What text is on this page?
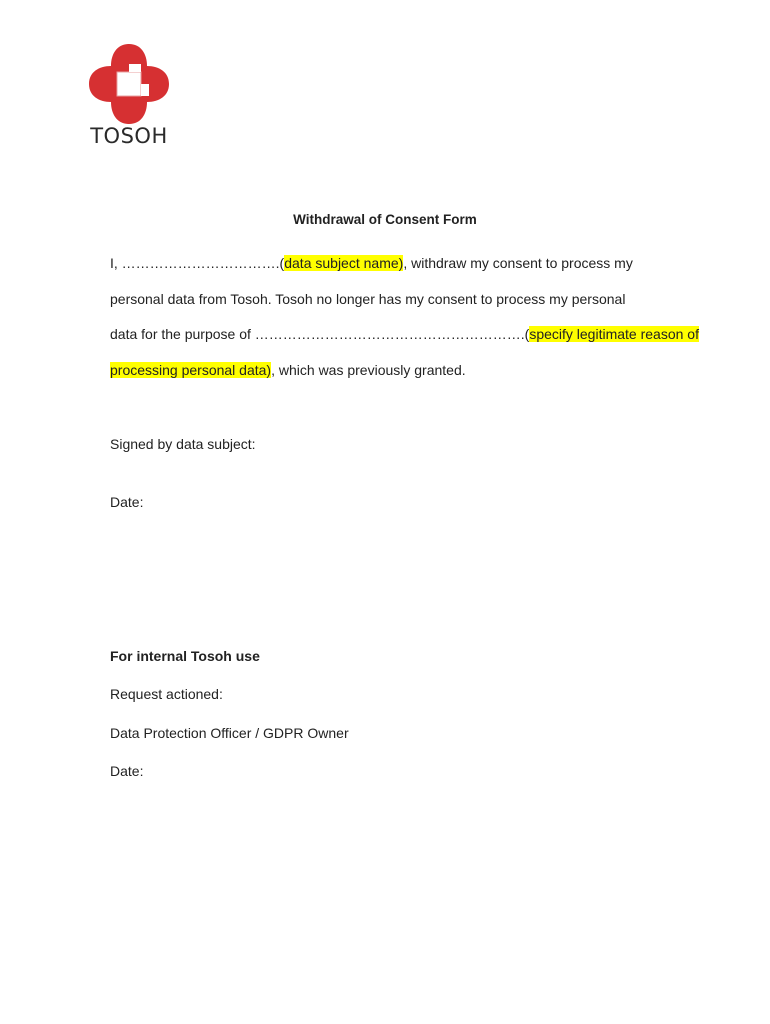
TOSOH
Withdrawal of Consent Form
I, …………………………….(data subject name), withdraw my consent to process my
personal data from Tosoh. Tosoh no longer has my consent to process my personal
data for the purpose of ………………………………………………….(specify legitimate reason of
processing personal data), which was previously granted.
Signed by data subject:
Date:
For internal Tosoh use
Request actioned:
Data Protection Officer / GDPR Owner
Date:
